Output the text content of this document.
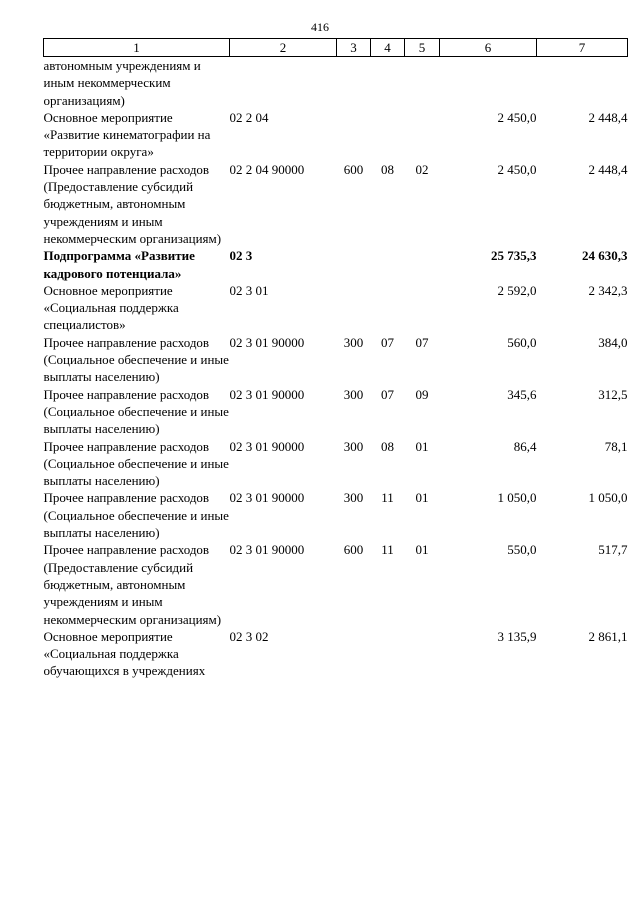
416
1	2	3	4	5	6	7
автономным учреждениям и иным некоммерческим организациям)						
Основное мероприятие «Развитие кинематографии на территории округа»	02 2 04				2 450,0	2 448,4
Прочее направление расходов (Предоставление субсидий бюджетным, автономным учреждениям и иным некоммерческим организациям)	02 2 04 90000	600	08	02	2 450,0	2 448,4
Подпрограмма «Развитие кадрового потенциала»	02 3				25 735,3	24 630,3
Основное мероприятие «Социальная поддержка специалистов»	02 3 01				2 592,0	2 342,3
Прочее направление расходов (Социальное обеспечение и иные выплаты населению)	02 3 01 90000	300	07	07	560,0	384,0
Прочее направление расходов (Социальное обеспечение и иные выплаты населению)	02 3 01 90000	300	07	09	345,6	312,5
Прочее направление расходов (Социальное обеспечение и иные выплаты населению)	02 3 01 90000	300	08	01	86,4	78,1
Прочее направление расходов (Социальное обеспечение и иные выплаты населению)	02 3 01 90000	300	11	01	1 050,0	1 050,0
Прочее направление расходов (Предоставление субсидий бюджетным, автономным учреждениям и иным некоммерческим организациям)	02 3 01 90000	600	11	01	550,0	517,7
Основное мероприятие «Социальная поддержка обучающихся в учреждениях	02 3 02				3 135,9	2 861,1
